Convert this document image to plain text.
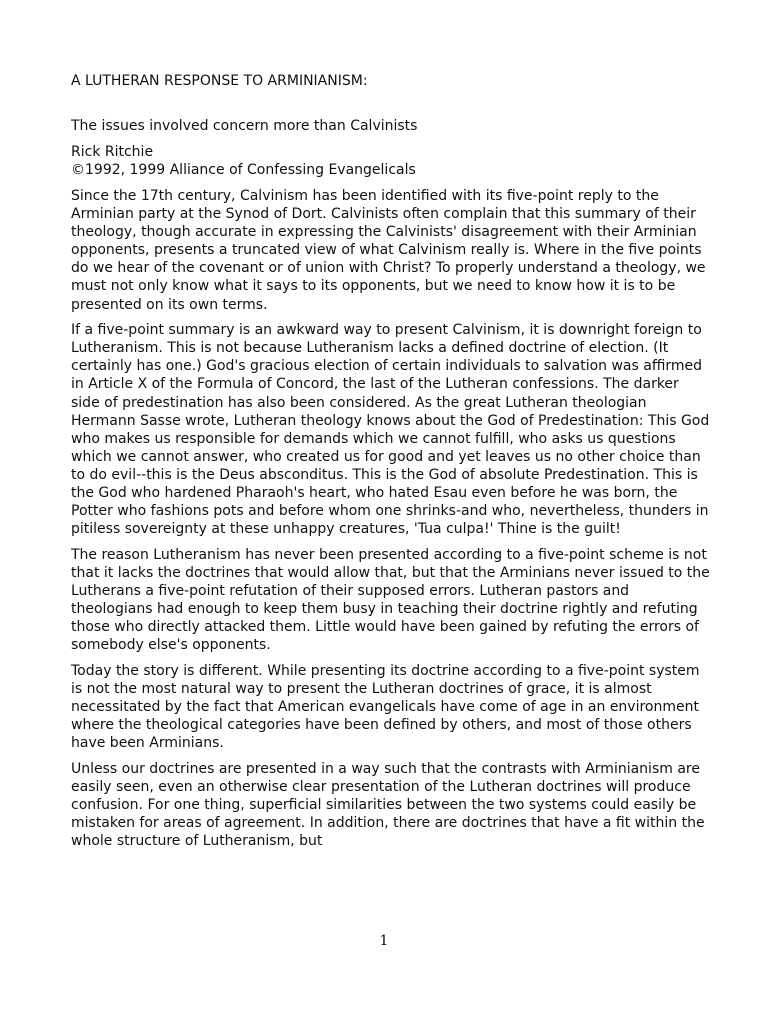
A LUTHERAN RESPONSE TO ARMINIANISM:
The issues involved concern more than Calvinists
Rick Ritchie
©1992, 1999 Alliance of Confessing Evangelicals

Since the 17th century, Calvinism has been identified with its five-point reply to the Arminian party at the Synod of Dort. Calvinists often complain that this summary of their theology, though accurate in expressing the Calvinists' disagreement with their Arminian opponents, presents a truncated view of what Calvinism really is. Where in the five points do we hear of the covenant or of union with Christ? To properly understand a theology, we must not only know what it says to its opponents, but we need to know how it is to be presented on its own terms.

If a five-point summary is an awkward way to present Calvinism, it is downright foreign to Lutheranism. This is not because Lutheranism lacks a defined doctrine of election. (It certainly has one.) God's gracious election of certain individuals to salvation was affirmed in Article X of the Formula of Concord, the last of the Lutheran confessions. The darker side of predestination has also been considered. As the great Lutheran theologian Hermann Sasse wrote, Lutheran theology knows about the God of Predestination: This God who makes us responsible for demands which we cannot fulfill, who asks us questions which we cannot answer, who created us for good and yet leaves us no other choice than to do evil--this is the Deus absconditus. This is the God of absolute Predestination. This is the God who hardened Pharaoh's heart, who hated Esau even before he was born, the Potter who fashions pots and before whom one shrinks-and who, nevertheless, thunders in pitiless sovereignty at these unhappy creatures, 'Tua culpa!' Thine is the guilt!

The reason Lutheranism has never been presented according to a five-point scheme is not that it lacks the doctrines that would allow that, but that the Arminians never issued to the Lutherans a five-point refutation of their supposed errors. Lutheran pastors and theologians had enough to keep them busy in teaching their doctrine rightly and refuting those who directly attacked them. Little would have been gained by refuting the errors of somebody else's opponents.

Today the story is different. While presenting its doctrine according to a five-point system is not the most natural way to present the Lutheran doctrines of grace, it is almost necessitated by the fact that American evangelicals have come of age in an environment where the theological categories have been defined by others, and most of those others have been Arminians.

Unless our doctrines are presented in a way such that the contrasts with Arminianism are easily seen, even an otherwise clear presentation of the Lutheran doctrines will produce confusion. For one thing, superficial similarities between the two systems could easily be mistaken for areas of agreement. In addition, there are doctrines that have a fit within the whole structure of Lutheranism, but

1
